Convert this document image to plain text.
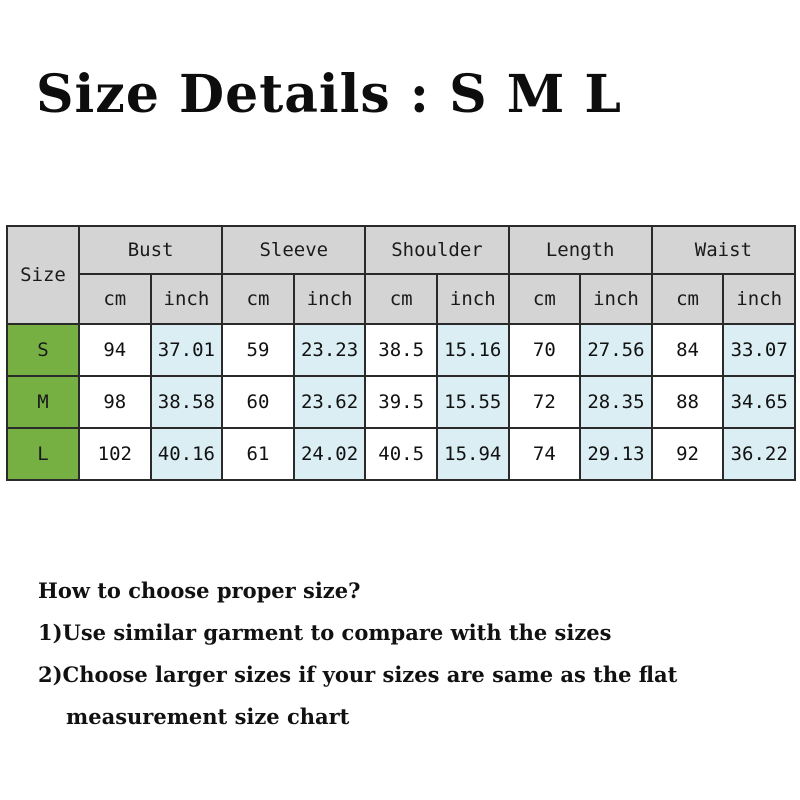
Size Details : S M L
Size	Bust		Sleeve		Shoulder		Length		Waist	
	cm	inch	cm	inch	cm	inch	cm	inch	cm	inch
S	94	37.01	59	23.23	38.5	15.16	70	27.56	84	33.07
M	98	38.58	60	23.62	39.5	15.55	72	28.35	88	34.65
L	102	40.16	61	24.02	40.5	15.94	74	29.13	92	36.22
How to choose proper size?
1)Use similar garment to compare with the sizes
2)Choose larger sizes if your sizes are same as the flat
measurement size chart
